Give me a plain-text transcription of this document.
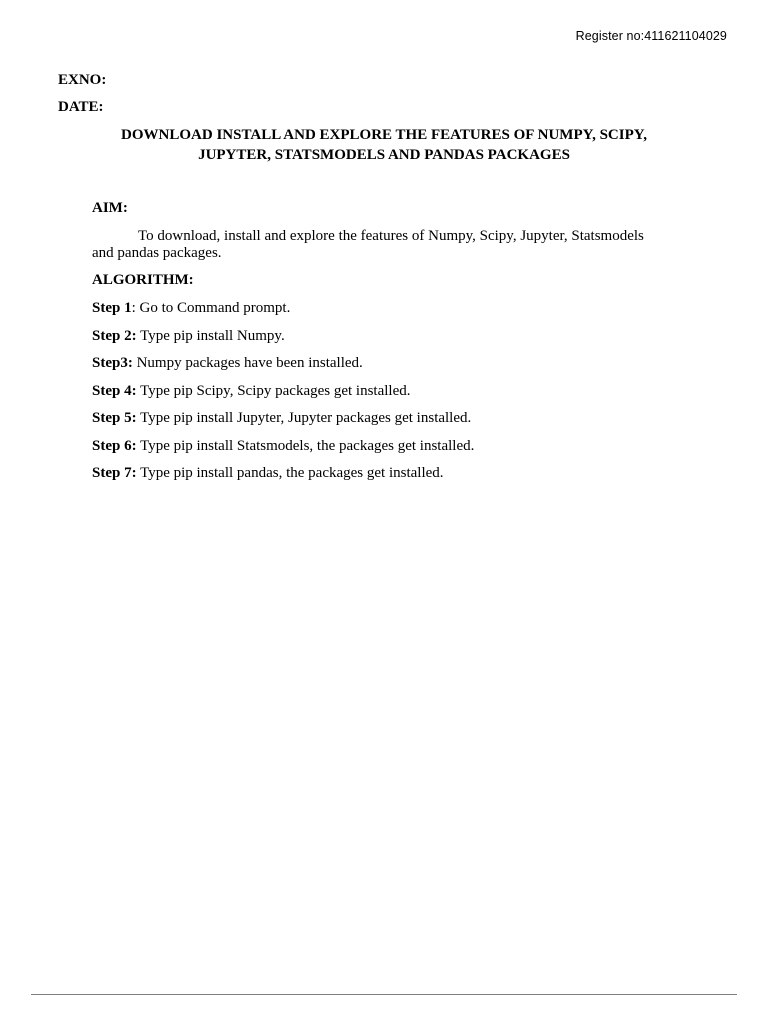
Register no:411621104029
EXNO:
DATE:
DOWNLOAD INSTALL AND EXPLORE THE FEATURES OF NUMPY, SCIPY,
JUPYTER, STATSMODELS AND PANDAS PACKAGES
AIM:
To download, install and explore the features of Numpy, Scipy, Jupyter, Statsmodels
and pandas packages.
ALGORITHM:
Step 1: Go to Command prompt.
Step 2: Type pip install Numpy.
Step3: Numpy packages have been installed.
Step 4: Type pip Scipy, Scipy packages get installed.
Step 5: Type pip install Jupyter, Jupyter packages get installed.
Step 6: Type pip install Statsmodels, the packages get installed.
Step 7: Type pip install pandas, the packages get installed.
